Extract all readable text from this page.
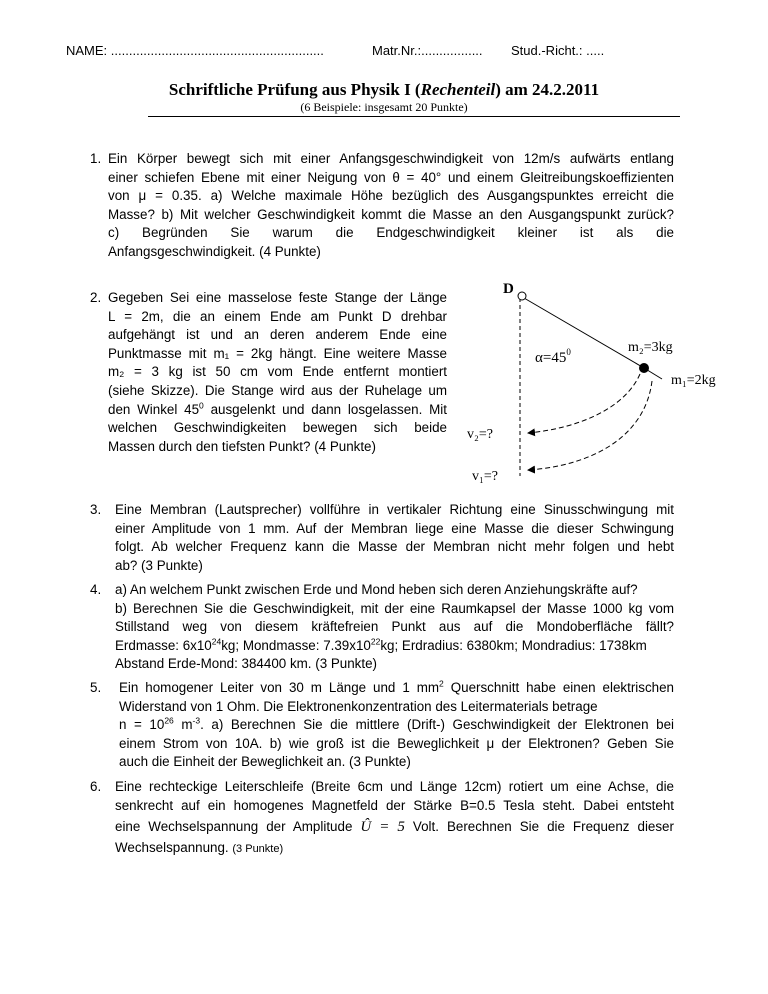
NAME: ...........................................................	Matr.Nr.:................. Stud.-Richt.: .....
Schriftliche Prüfung aus Physik I (Rechenteil) am 24.2.2011
(6 Beispiele: insgesamt 20 Punkte)
1. Ein Körper bewegt sich mit einer Anfangsgeschwindigkeit von 12m/s aufwärts entlang
einer schiefen Ebene mit einer Neigung von θ = 40° und einem Gleitreibungskoeffizienten
von μ = 0.35. a) Welche maximale Höhe bezüglich des Ausgangspunktes erreicht die
Masse? b) Mit welcher Geschwindigkeit kommt die Masse an den Ausgangspunkt zurück?
c) Begründen Sie warum die Endgeschwindigkeit kleiner ist als die
Anfangsgeschwindigkeit. (4 Punkte)
2. Gegeben Sei eine masselose feste Stange der Länge
L = 2m, die an einem Ende am Punkt D drehbar
aufgehängt ist und an deren anderem Ende eine
Punktmasse mit m₁ = 2kg hängt. Eine weitere Masse
m₂ = 3 kg ist 50 cm vom Ende entfernt montiert
(siehe Skizze). Die Stange wird aus der Ruhelage um
den Winkel $45^0$ ausgelenkt und dann losgelassen. Mit
welchen Geschwindigkeiten bewegen sich beide
Massen durch den tiefsten Punkt? (4 Punkte)
D
$\alpha=45^0$	m₂=3kg
m₁=2kg
v₂=?
v₁=?
3. Eine Membran (Lautsprecher) vollführe in vertikaler Richtung eine Sinusschwingung mit
einer Amplitude von 1 mm. Auf der Membran liege eine Masse die dieser Schwingung
folgt. Ab welcher Frequenz kann die Masse der Membran nicht mehr folgen und hebt
ab? (3 Punkte)
4. a) An welchem Punkt zwischen Erde und Mond heben sich deren Anziehungskräfte auf?
b) Berechnen Sie die Geschwindigkeit, mit der eine Raumkapsel der Masse 1000 kg vom
Stillstand weg von diesem kräftefreien Punkt aus auf die Mondoberfläche fällt?
Erdmasse: $6x10^{24}kg$; Mondmasse: $7.39x10^{22}kg$; Erdradius: 6380km; Mondradius: 1738km
Abstand Erde-Mond: 384400 km. (3 Punkte)
5. Ein homogener Leiter von 30 m Länge und 1 $mm^2$ Querschnitt habe einen elektrischen
Widerstand von 1 Ohm. Die Elektronenkonzentration des Leitermaterials betrage
$n = 10^{26}$ $m^{-3}$. a) Berechnen Sie die mittlere (Drift-) Geschwindigkeit der Elektronen bei
einem Strom von 10A. b) wie groß ist die Beweglichkeit μ der Elektronen? Geben Sie
auch die Einheit der Beweglichkeit an. (3 Punkte)
6. Eine rechteckige Leiterschleife (Breite 6cm und Länge 12cm) rotiert um eine Achse, die
senkrecht auf ein homogenes Magnetfeld der Stärke B=0.5 Tesla steht. Dabei entsteht
eine Wechselspannung der Amplitude Û = 5 Volt. Berechnen Sie die Frequenz dieser
Wechselspannung. (3 Punkte)
